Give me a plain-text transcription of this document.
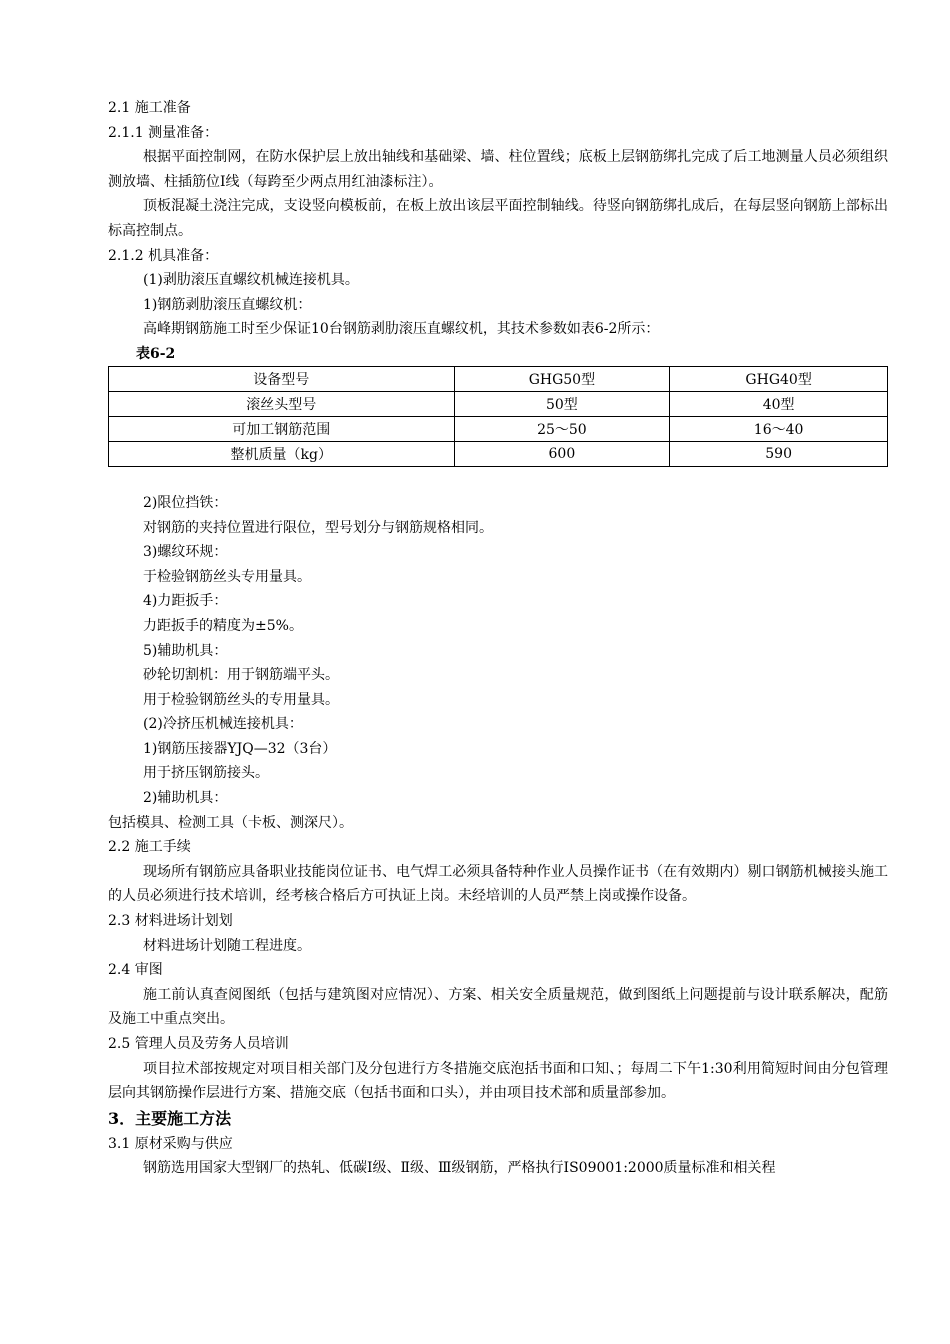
2.1 施工准备
2.1.1 测量准备：
根据平面控制网，在防水保护层上放出轴线和基础梁、墙、柱位置线；底板上层钢筋绑扎完成了后工地测量人员必须组织测放墙、柱插筋位I线（每跨至少两点用红油漆标注）。
顶板混凝土浇注完成，支设竖向模板前，在板上放出该层平面控制轴线。待竖向钢筋绑扎成后，在每层竖向钢筋上部标出标高控制点。
2.1.2 机具准备：
(1)剥肋滚压直螺纹机械连接机具。
1)钢筋剥肋滚压直螺纹机：
高峰期钢筋施工时至少保证10台钢筋剥肋滚压直螺纹机，其技术参数如表6-2所示：
表6-2
设备型号	GHG50型	GHG40型
滚丝头型号	50型	40型
可加工钢筋范围	25～50	16～40
整机质量（kg）	600	590
2)限位挡铁：
对钢筋的夹持位置进行限位，型号划分与钢筋规格相同。
3)螺纹环规：
于检验钢筋丝头专用量具。
4)力距扳手：
力距扳手的精度为±5%。
5)辅助机具：
砂轮切割机：用于钢筋端平头。
用于检验钢筋丝头的专用量具。
(2)冷挤压机械连接机具：
1)钢筋压接器YJQ—32（3台）
用于挤压钢筋接头。
2)辅助机具：
包括模具、检测工具（卡板、测深尺）。
2.2 施工手续
现场所有钢筋应具备职业技能岗位证书、电气焊工必须具备特种作业人员操作证书（在有效期内）剔口钢筋机械接头施工的人员必须进行技术培训，经考核合格后方可执证上岗。未经培训的人员严禁上岗或操作设备。
2.3 材料进场计划划
材料进场计划随工程进度。
2.4 审图
施工前认真查阅图纸（包括与建筑图对应情况）、方案、相关安全质量规范，做到图纸上问题提前与设计联系解决，配筋及施工中重点突出。
2.5 管理人员及劳务人员培训
项目拉术部按规定对项目相关部门及分包进行方冬措施交底泡括书面和口知、；每周二下午1:30利用简短时间由分包管理层向其钢筋操作层进行方案、措施交底（包括书面和口头），并由项目技术部和质量部参加。
3．主要施工方法
3.1 原材采购与供应
钢筋选用国家大型钢厂的热轧、低碳I级、Ⅱ级、Ⅲ级钢筋，严格执行IS09001:2000质量标准和相关程
